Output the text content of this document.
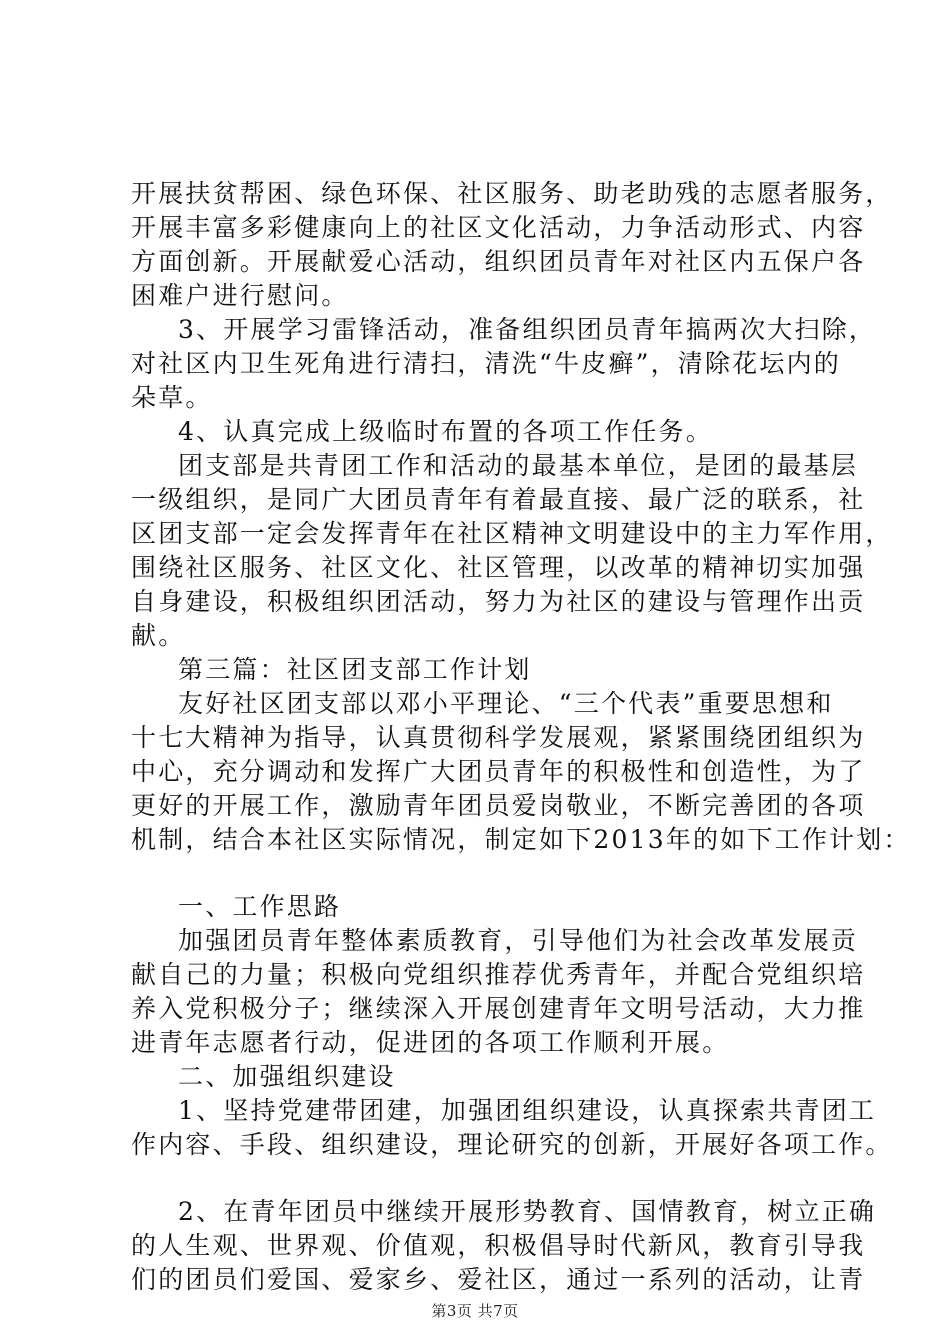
开展扶贫帮困、绿色环保、社区服务、助老助残的志愿者服务，
开展丰富多彩健康向上的社区文化活动，力争活动形式、内容
方面创新。开展献爱心活动，组织团员青年对社区内五保户各
困难户进行慰问。
3、开展学习雷锋活动，准备组织团员青年搞两次大扫除，
对社区内卫生死角进行清扫，清洗“牛皮癣”，清除花坛内的
朵草。
4、认真完成上级临时布置的各项工作任务。
团支部是共青团工作和活动的最基本单位，是团的最基层
一级组织，是同广大团员青年有着最直接、最广泛的联系，社
区团支部一定会发挥青年在社区精神文明建设中的主力军作用，
围绕社区服务、社区文化、社区管理，以改革的精神切实加强
自身建设，积极组织团活动，努力为社区的建设与管理作出贡
献。
第三篇：社区团支部工作计划
友好社区团支部以邓小平理论、“三个代表”重要思想和
十七大精神为指导，认真贯彻科学发展观，紧紧围绕团组织为
中心，充分调动和发挥广大团员青年的积极性和创造性，为了
更好的开展工作，激励青年团员爱岗敬业，不断完善团的各项
机制，结合本社区实际情况，制定如下2013年的如下工作计划：
一、工作思路
加强团员青年整体素质教育，引导他们为社会改革发展贡
献自己的力量；积极向党组织推荐优秀青年，并配合党组织培
养入党积极分子；继续深入开展创建青年文明号活动，大力推
进青年志愿者行动，促进团的各项工作顺利开展。
二、加强组织建设
1、坚持党建带团建，加强团组织建设，认真探索共青团工
作内容、手段、组织建设，理论研究的创新，开展好各项工作。
2、在青年团员中继续开展形势教育、国情教育，树立正确
的人生观、世界观、价值观，积极倡导时代新风，教育引导我
们的团员们爱国、爱家乡、爱社区，通过一系列的活动，让青
第3页 共7页
